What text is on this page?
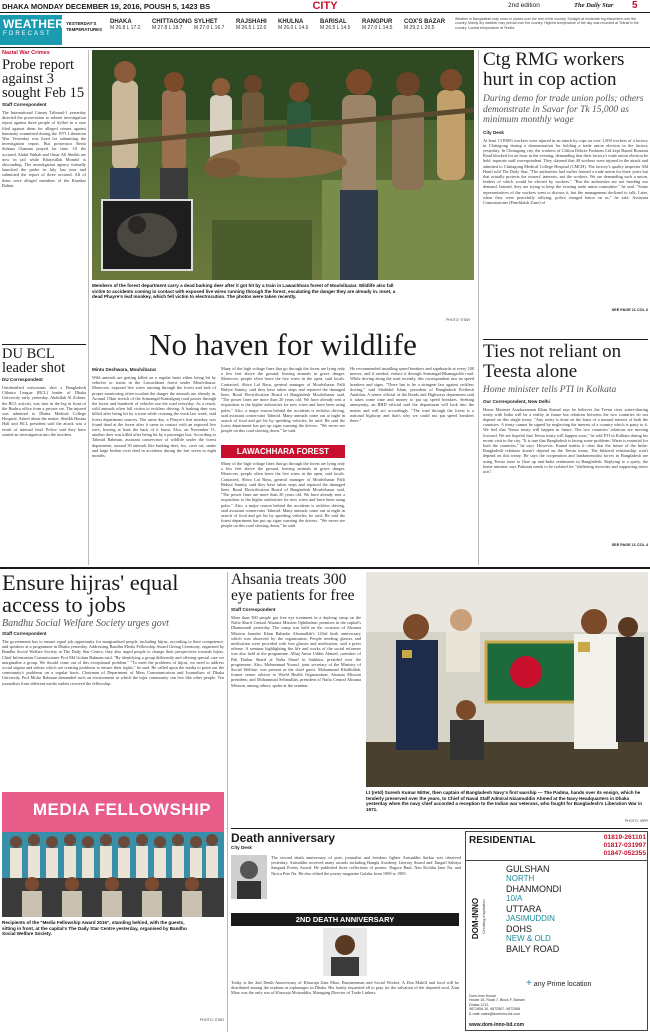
DHAKA MONDAY DECEMBER 19, 2016, POUSH 5, 1423 BS	CITY	2nd edition	The Daily Star 5
WEATHER
FORECAST
YESTERDAY'S TEMPERATURES
DHAKA
M 26.8 L 17.2
CHITTAGONG
M 27.8 L 18.7
SYLHET
M 27.0 L 16.7
RAJSHAHI
M 26.5 L 12.0
KHULNA
M 26.0 L 14.6
BARISAL
M 26.5 L 14.5
RANGPUR
M 27.0 L 14.5
COX'S BAZAR
M 29.2 L 20.5
Weather in Bangladesh may occur in places over the rest of the country. Sunlight at moderate fog elsewhere over the country. Mainly dry weather may prevail over the country. Highest temperature of the day was recorded at Teknaf in the country. Lowest temperature at Tetulia.
Nazial War Crimes
Probe report against 3 sought Feb 15
Staff Correspondent
The International Crimes Tribunal-1 yesterday directed the prosecution to submit investigation report against three people of Sylhet in a case filed against them for alleged crimes against humanity committed during the 1971 Liberation War. Yesterday was fixed for submitting the investigation report. But prosecutor Rezia Sultana Chaman prayed for time. Of the accused, Abdul Wahab and Omar Ali Sheikh are now in jail while Khayrullah Mondol is absconding. The investigation agency formally launched the probe in July last year and submitted the report of three accused. All of them were alleged members of the Razakar Bahini.
DU BCL leader shot
DU Correspondent
Unidentified miscreants shot a Bangladesh Chhatra League (BCL) leader of Dhaka University early yesterday. Abdullah Al Zobaer, the BCL activist, was shot in the leg in front of the Bushra office from a private car. The injured was admitted to Dhaka Medical College Hospital. Asked about the matter, Sheikh Hasina Hall unit BCL president said the attack was a result of internal feud. Police said they have started an investigation into the incident.
Members of the forest department carry a dead barking deer after it got hit by a train in Lawachhara forest of Moulvibazar. Wildlife also fall victim to accidents coming in contact with exposed live wires running through the forest, escalating the danger they are already in. Inset, a dead Phayre's leaf monkey, which fell victim to electrocution. The photos were taken recently.
PHOTO: STAR
No haven for wildlife
Mintu Deshwara, Moulvibazar
Wild animals are getting killed on a regular basis either being hit by vehicles or trains in the Lawachhara forest under Moulvibazar. Moreover, exposed live wires running through the forest and lack of proper monitoring often escalate the danger the animals are already in. Around 15km stretch of the Srimangal-Kamalganj road passes through the forest and hundreds of vehicles use the road everyday. As a result, wild animals often fall victim to reckless driving. A barking deer was killed after being hit by a train while crossing the track last week, said forest department sources. The same day, a Phayre's leaf monkey was found dead at the forest after it came in contact with an exposed live wire, leaving at least the back of it burnt. Also, on November 11, another deer was killed after being hit by a passenger bus. According to Tahmid Rahman, assistant conservator of wildlife under the forest department, around 30 animals like barking deer, fox, civet cat, snake and large Indian civet died in accidents during the last seven to eight months.
Many of the high voltage lines that go through the forest are lying only a few feet above the ground, leaving animals in grave danger. Moreover, people often leave the live wires in the open, said locals. Contacted, Shiva Lal Basu, general manager of Moulvibazar Palli Bidyut Samity, said they have taken steps and repaired the damaged lines. Rural Electrification Board of Bangladesh Moulvibazar said, "The power lines are more than 20 years old. We have already sent a requisition to the higher authorities for new wires and have been using poles." Also, a major reason behind the accidents is reckless driving, said assistant conservator Tahmid. Many animals come out at night in search of food and get hit by speeding vehicles, he said. He said the forest department has put up signs warning the drivers. "We never see people on this road slowing down," he said.
LAWACHHARA FOREST
Many of the high voltage lines that go through the forest are lying only a few feet above the ground, leaving animals in grave danger. Moreover, people often leave the live wires in the open, said locals. Contacted, Shiva Lal Basu, general manager of Moulvibazar Palli Bidyut Samity, said they have taken steps and repaired the damaged lines. Rural Electrification Board of Bangladesh Moulvibazar said, "The power lines are more than 20 years old. We have already sent a requisition to the higher authorities for new wires and have been using poles." Also, a major reason behind the accidents is reckless driving, said assistant conservator Tahmid. Many animals come out at night in search of food and get hit by speeding vehicles, he said. He said the forest department has put up signs warning the drivers. "We never see people on this road slowing down," he said.
He recommended installing speed breakers and signboards at every 100 metres, and if needed, reduce it through Srimangal-Bhanugachh road. While driving along the road recently, this correspondent saw no speed breakers and signs. "There has to be a stringent law against reckless driving," said Shahidul Islam, president of Bangladesh Poribesh Andolon. A senior official of the Roads and Highways department said it takes some time and money to put up speed breakers. Seeking anonymity, an RHD official said the department will look into the matter and will act accordingly. "The road through the forest is a national highway and that's why we could not put speed breakers there."
Ctg RMG workers hurt in cop action
During demo for trade union polls; others demonstrate in Savar for Tk 15,000 as minimum monthly wage
City Desk
At least 13 RMG workers were injured in an attack by cops on over 1,000 workers of a factory in Chittagong during a demonstration for holding a trade union election in the factory yesterday. In Chittagong city, the workers of Clifton Deluxe Fashions Ltd kept Baizid Bostami Road blocked for an hour in the evening, demanding that their factory's trade union election be held, separate staff correspondent. They claimed that 40 workers were injured in the attack and admitted to Chittagong Medical College Hospital (CMCH). The factory's quality inspector Md Hanif told The Daily Star, "The authorities had earlier formed a trade union for three years but that actually protects the owners' interests, not the workers. We are demanding such a union, leaders of which would be elected by workers." "But the authorities are not heeding our demand. Instead, they are trying to keep the existing trade union committee," he said. "Some representatives of the workers went to discuss it, but the management declined to talk. Later, when they were peacefully rallying, police charged baton on us," he said. Assistant Commissioner (Panchlaish Zone) of
SEE PAGE 11 COL 6
Ties not reliant on Teesta alone
Home minister tells PTI in Kolkata
Our Correspondent, New Delhi
Home Minister Asaduzzaman Khan Kamal says he believes the Teesta river water-sharing treaty with India will be a reality in future but relations between the two countries do not depend on this single treaty. "Any treaty is done on the basis of a mutual interest of both the countries. A treaty cannot be signed by neglecting the interest of a country which is party to it. We feel that Teesta treaty will happen in future. The two countries' relations are moving forward. We are hopeful that Teesta treaty will happen soon," he told PTI in Kolkata during his recent visit to the city. "It is true that Bangladesh is facing some problems. Water is essential for both the countries," he says. However, Kamal makes it clear that the future of the India-Bangladesh relations doesn't depend on the Teesta treaty. The bilateral relationship won't depend on this treaty. He says the cooperation and fundamentalist forces in Bangladesh are using Teesta issue to flare up anti-India sentiments in Bangladesh. Replying to a query, the home minister says Pakistan needs to be isolated for "sheltering terrorists and supporting terror acts".
SEE PAGE 11 COL 4
Ensure hijras' equal access to jobs
Bandhu Social Welfare Society urges govt
Staff Correspondent
The government has to ensure equal job opportunity for marginalised people, including hijras, according to their competence, and speakers at a programme in Dhaka yesterday. Addressing Bandhu Media Fellowship Award Giving Ceremony, organised by Bandhu Social Welfare Society at The Daily Star Centre, they also urged people to change their perspectives towards hijras. Chief Information Commissioner Prof Md Golam Rahman said, "By identifying a group differently and offering special care we marginalise a group. We should come out of this exceptional problem." "To meet the problems of hijras, we need to address social stigma and taboos which are creating problems to ensure their rights," he said. He called upon the media to point out the community's problems on a regular basis. Chairman of Department of Mass Communication and Journalism of Dhaka University Prof Mofiz Rahman demanded such an environment in which the hijra community can live like other people. Ten journalists from different media outlets received the fellowship.
MEDIA FELLOWSHIP
Recipients of the "Media Fellowship Award 2016", standing behind, with the guests, sitting in front, at the capital's The Daily Star Centre yesterday, organised by Bandhu Social Welfare Society.
PHOTO: STAR
Ahsania treats 300 eye patients for free
Staff Correspondent
More than 300 people got free eye treatment in a daylong camp on the Nafia Sharif Central Ahsania Mission Ophthalmic premises in the capital's Dhanmondi yesterday. The camp was held on the occasion of Ahsania Mission founder Khan Bahadur Ahsanullah's 143rd birth anniversary which was observed by the organisation. People needing glasses and medication were provided with free glasses and medication, said a press release. A seminar highlighting the life and works of the social reformer was also held at the programme. Alhaj Ansar Uddin Ahmed, caretaker of Pak Darbar Sharif at Nalta Sharif in Satkhira, presided over the programme. Also, Mohammad Yousuf, joint secretary of the Ministry of Social Welfare, was present as the chief guest. Mohammad Khalilullah, former senior adviser to World Health Organization; Ahsania Mission president; and Mohammad Selimullah, president of Nafia Central Ahsania Mission, among others, spoke at the seminar.
Lt (retd) Suresh Kumar Mitter, then captain of Bangladesh Navy's first warship — The Padma, hands over its ensign, which he tenderly preserved over the years, to Chief of Naval Staff Admiral Nizamuddin Ahmed at the Navy Headquarters in Dhaka yesterday when the navy chief accorded a reception to the Indian war veterans, who fought for Bangladesh's Liberation War in 1971.
PHOTO: ISPR
Death anniversary
City Desk
The second death anniversary of poet, journalist and freedom fighter Anisuddin Sarkar was observed yesterday. Anisuddin received many awards including Bangla Academy Literary Award and Tangail Sahitya Sangsad Poetry Award. He published three collections of poems: Nagore Baul, Neu Kichhu Jane Na, and Nirica Pete Na. He also edited the poetry magazine Golaka from 1969 to 1985.
2ND DEATH ANNIVERSARY
Today is the 2nd Death Anniversary of Khawaja Zain Miaz, Businessman and Social Worker. A Doa Mahfil and food will be distributed among the orphans at orphanages in Dhaka. His family requested all to pray for the salvation of the departed soul. Zain Miaz was the only son of Khawaja Moizuddin, Managing Director of Trade Linkers.
RESIDENTIAL	01819-261101
01817-031997
01847-052355
DOM-INNO Creating inspiration
GULSHAN
NORTH
DHANMONDI
10/A
UTTARA
JASIMUDDIN
DOHS
NEW & OLD
BAILY ROAD
+ any Prime location
Dom-Inno House
House 15, Road 7, Block F, Banani
Dhaka 1213
9871806-10, 9872567, 9872568
E-mail: sales@dominno-bd.com
www.dom-inno-bd.com
